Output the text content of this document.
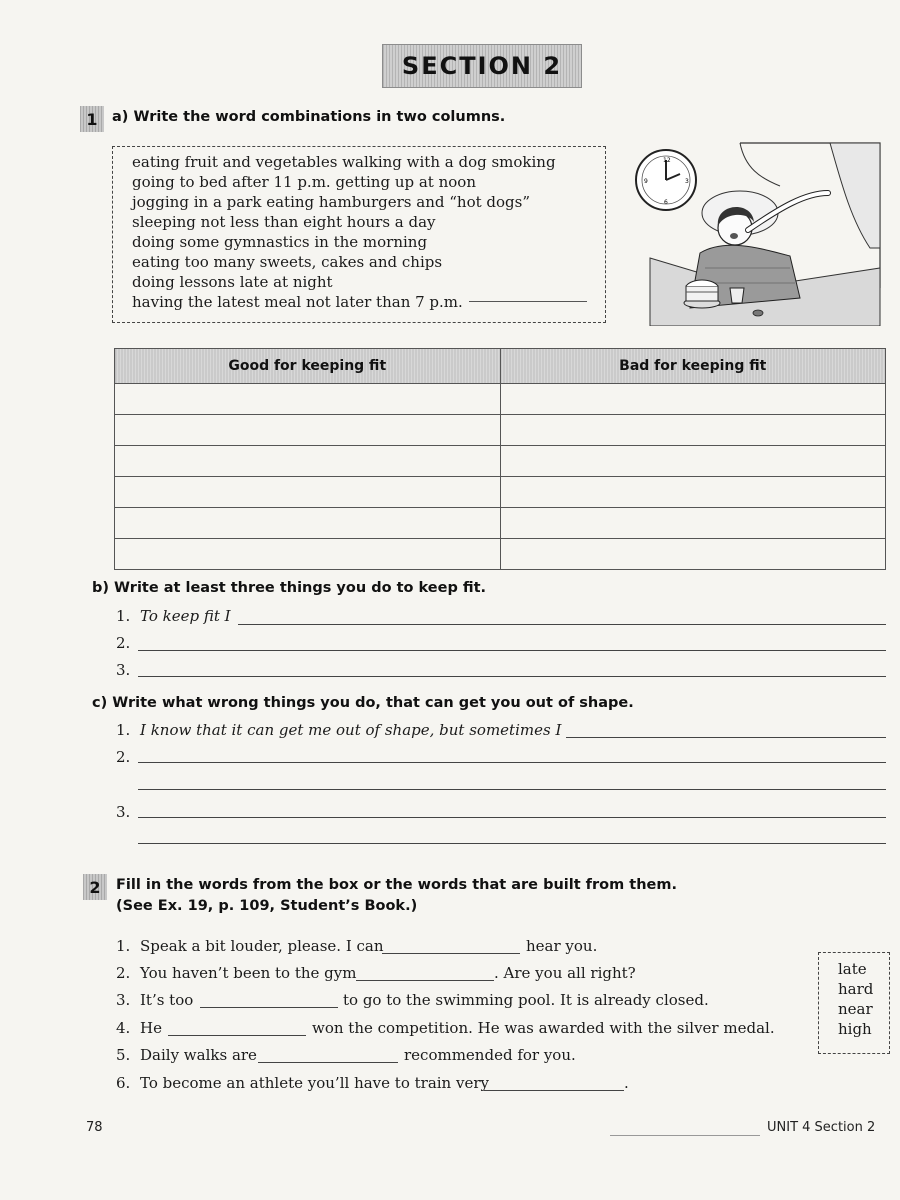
SECTION 2
1 a) Write the word combinations in two columns.
eating fruit and vegetables walking with a dog smoking
going to bed after 11 p.m. getting up at noon
jogging in a park eating hamburgers and “hot dogs”
sleeping not less than eight hours a day
doing some gymnastics in the morning
eating too many sweets, cakes and chips
doing lessons late at night
having the latest meal not later than 7 p.m.
12
3
6
9
Good for keeping fit	Bad for keeping fit

b) Write at least three things you do to keep fit.
1. To keep fit I
2.
3.
c) Write what wrong things you do, that can get you out of shape.
1. I know that it can get me out of shape, but sometimes I
2.
3.
2	Fill in the words from the box or the words that are built from them.
(See Ex. 19, p. 109, Student’s Book.)
1. Speak a bit louder, please. I can	hear you.
2. You haven’t been to the gym	. Are you all right?
3. It’s too	to go to the swimming pool. It is already closed.
4. He	won the competition. He was awarded with the silver medal.
5. Daily walks are	recommended for you.
6. To become an athlete you’ll have to train very	.
late
hard
near
high
78	UNIT 4 Section 2
